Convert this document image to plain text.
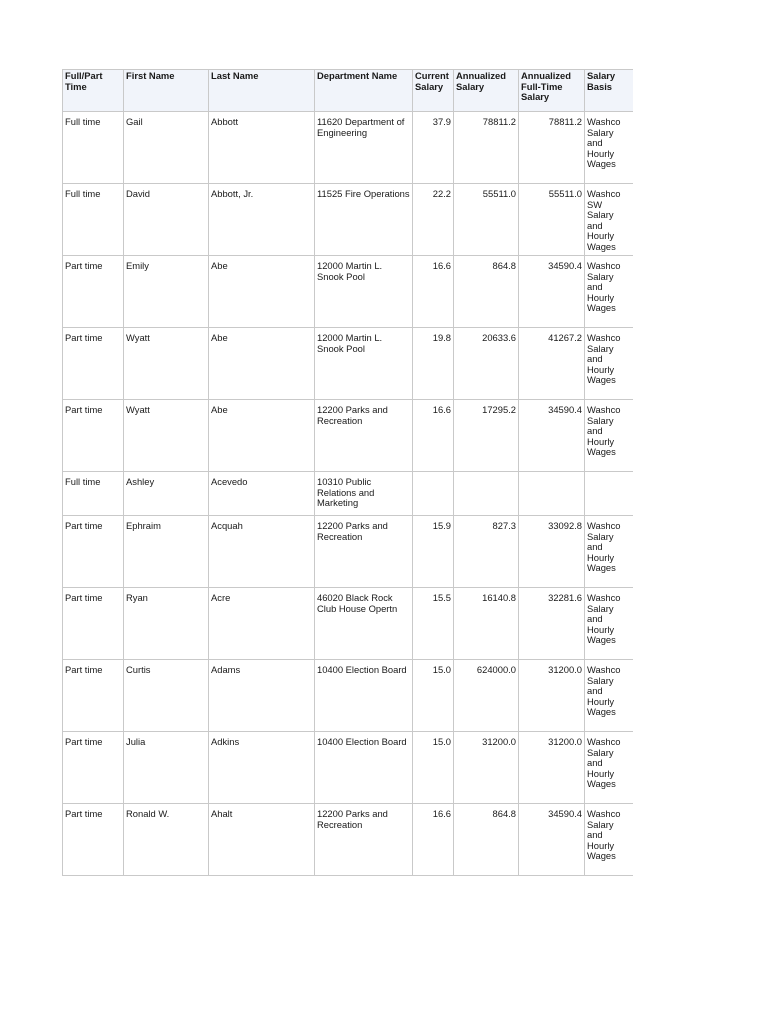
Full/Part Time	First Name	Last Name	Department Name	Current Salary	Annualized Salary	Annualized Full-Time Salary	Salary Basis
Full time	Gail	Abbott	11620 Department of Engineering	37.9	78811.2	78811.2	Washco Salary and Hourly Wages
Full time	David	Abbott, Jr.	11525 Fire Operations	22.2	55511.0	55511.0	Washco SW Salary and Hourly Wages
Part time	Emily	Abe	12000 Martin L. Snook Pool	16.6	864.8	34590.4	Washco Salary and Hourly Wages
Part time	Wyatt	Abe	12000 Martin L. Snook Pool	19.8	20633.6	41267.2	Washco Salary and Hourly Wages
Part time	Wyatt	Abe	12200 Parks and Recreation	16.6	17295.2	34590.4	Washco Salary and Hourly Wages
Full time	Ashley	Acevedo	10310 Public Relations and Marketing				
Part time	Ephraim	Acquah	12200 Parks and Recreation	15.9	827.3	33092.8	Washco Salary and Hourly Wages
Part time	Ryan	Acre	46020 Black Rock Club House Opertn	15.5	16140.8	32281.6	Washco Salary and Hourly Wages
Part time	Curtis	Adams	10400 Election Board	15.0	624000.0	31200.0	Washco Salary and Hourly Wages
Part time	Julia	Adkins	10400 Election Board	15.0	31200.0	31200.0	Washco Salary and Hourly Wages
Part time	Ronald W.	Ahalt	12200 Parks and Recreation	16.6	864.8	34590.4	Washco Salary and Hourly Wages
